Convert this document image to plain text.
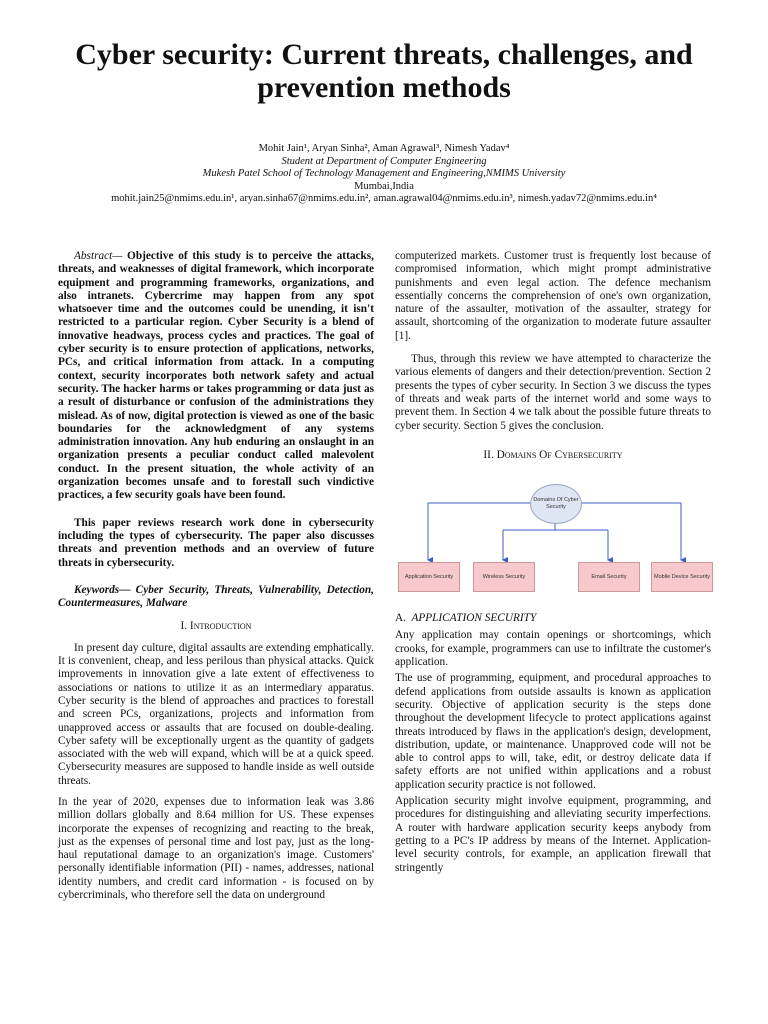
Cyber security: Current threats, challenges, and prevention methods
Mohit Jain¹, Aryan Sinha², Aman Agrawal³, Nimesh Yadav⁴
Student at Department of Computer Engineering
Mukesh Patel School of Technology Management and Engineering,NMIMS University
Mumbai,India
mohit.jain25@nmims.edu.in¹, aryan.sinha67@nmims.edu.in², aman.agrawal04@nmims.edu.in³, nimesh.yadav72@nmims.edu.in⁴

Abstract— Objective of this study is to perceive the attacks, threats, and weaknesses of digital framework, which incorporate equipment and programming frameworks, organizations, and also intranets. Cybercrime may happen from any spot whatsoever time and the outcomes could be unending, it isn't restricted to a particular region. Cyber Security is a blend of innovative headways, process cycles and practices. The goal of cyber security is to ensure protection of applications, networks, PCs, and critical information from attack. In a computing context, security incorporates both network safety and actual security. The hacker harms or takes programming or data just as a result of disturbance or confusion of the administrations they mislead. As of now, digital protection is viewed as one of the basic boundaries for the acknowledgment of any systems administration innovation. Any hub enduring an onslaught in an organization presents a peculiar conduct called malevolent conduct. In the present situation, the whole activity of an organization becomes unsafe and to forestall such vindictive practices, a few security goals have been found.

This paper reviews research work done in cybersecurity including the types of cybersecurity. The paper also discusses threats and prevention methods and an overview of future threats in cybersecurity.

Keywords— Cyber Security, Threats, Vulnerability, Detection, Countermeasures, Malware

I. Introduction

In present day culture, digital assaults are extending emphatically. It is convenient, cheap, and less perilous than physical attacks. Quick improvements in innovation give a late extent of effectiveness to associations or nations to utilize it as an intermediary apparatus. Cyber security is the blend of approaches and practices to forestall and screen PCs, organizations, projects and information from unapproved access or assaults that are focused on double-dealing. Cyber safety will be exceptionally urgent as the quantity of gadgets associated with the web will expand, which will be at a quick speed. Cybersecurity measures are supposed to handle inside as well outside threats.

In the year of 2020, expenses due to information leak was 3.86 million dollars globally and 8.64 million for US. These expenses incorporate the expenses of recognizing and reacting to the break, just as the expenses of personal time and lost pay, just as the long-haul reputational damage to an organization's image. Customers' personally identifiable information (PII) - names, addresses, national identity numbers, and credit card information - is focused on by cybercriminals, who therefore sell the data on underground

computerized markets. Customer trust is frequently lost because of compromised information, which might prompt administrative punishments and even legal action. The defence mechanism essentially concerns the comprehension of one's own organization, nature of the assaulter, motivation of the assaulter, strategy for assault, shortcoming of the organization to moderate future assaulter [1].

Thus, through this review we have attempted to characterize the various elements of dangers and their detection/prevention. Section 2 presents the types of cyber security. In Section 3 we discuss the types of threats and weak parts of the internet world and some ways to prevent them. In Section 4 we talk about the possible future threats to cyber security. Section 5 gives the conclusion.

II. Domains Of Cybersecurity
Domains Of Cyber Security
Application Security	Wireless Security	Email Security	Mobile Device Security
A. APPLICATION SECURITY

Any application may contain openings or shortcomings, which crooks, for example, programmers can use to infiltrate the customer's application.

The use of programming, equipment, and procedural approaches to defend applications from outside assaults is known as application security. Objective of application security is the steps done throughout the development lifecycle to protect applications against threats introduced by flaws in the application's design, development, distribution, update, or maintenance. Unapproved code will not be able to control apps to will, take, edit, or destroy delicate data if safety efforts are not unified within applications and a robust application security practice is not followed.

Application security might involve equipment, programming, and procedures for distinguishing and alleviating security imperfections. A router with hardware application security keeps anybody from getting to a PC's IP address by means of the Internet. Application-level security controls, for example, an application firewall that stringently
